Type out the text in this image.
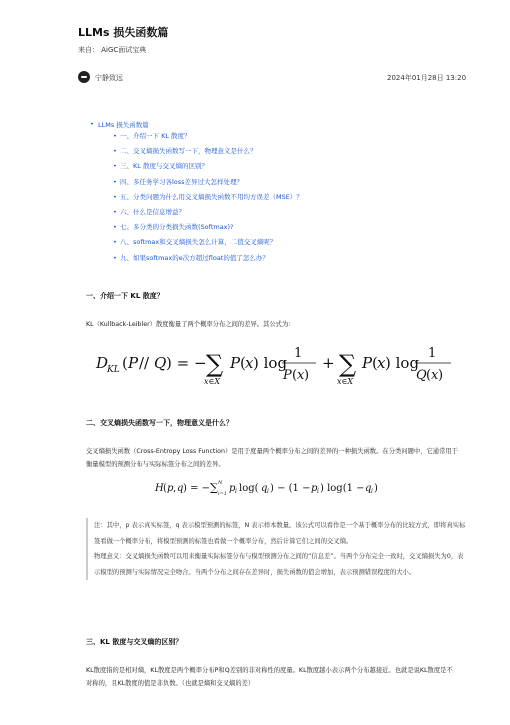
LLMs 损失函数篇
来自： AiGC面试宝典
宁静致远	2024年01月28日 13:20
• LLMs 损失函数篇
• 一、介绍一下 KL 散度？
• 二、交叉熵损失函数写一下，物理意义是什么？
• 三、KL 散度与交叉熵的区别？
• 四、多任务学习各loss差异过大怎样处理？
• 五、分类问题为什么用交叉熵损失函数不用均方误差（MSE）？
• 六、什么是信息增益？
• 七、多分类的分类损失函数(Softmax)?
• 八、softmax和交叉熵损失怎么计算，二值交叉熵呢？
• 九、如果softmax的e次方超过float的值了怎么办？
一、介绍一下 KL 散度？
KL（Kullback-Leibler）散度衡量了两个概率分布之间的差异。其公式为：
D
KL ( P // Q ) = − ∑
x∈X
P ( x ) log
1
P ( x )
+ ∑
x∈X
P ( x ) log
1
Q ( x )
二、交叉熵损失函数写一下，物理意义是什么？
交叉熵损失函数（Cross-Entropy Loss Function）是用于度量两个概率分布之间的差异的一种损失函数。在分类问题中，它通常用于衡量模型的预测分布与实际标签分布之间的差异。
H ( p , q ) = − ∑ i=1
N p i log( q i ) − (1 − p i ) log(1 − q i )
注：其中，p 表示真实标签，q 表示模型预测的标签，N 表示样本数量。该公式可以看作是一个基于概率分布的比较方式，即将真实标签看做一个概率分布，将模型预测的标签也看做一个概率分布，然后计算它们之间的交叉熵。
物理意义：交叉熵损失函数可以用来衡量实际标签分布与模型预测分布之间的“信息差”。当两个分布完全一致时，交叉熵损失为0，表示模型的预测与实际情况完全吻合。当两个分布之间存在差异时，损失函数的值会增加，表示预测错误程度的大小。
三、KL 散度与交叉熵的区别？
KL散度指的是相对熵，KL散度是两个概率分布P和Q差别的非对称性的度量。KL散度越小表示两个分布越接近。也就是说KL散度是不对称的，且KL散度的值是非负数。（也就是熵和交叉熵的差）
